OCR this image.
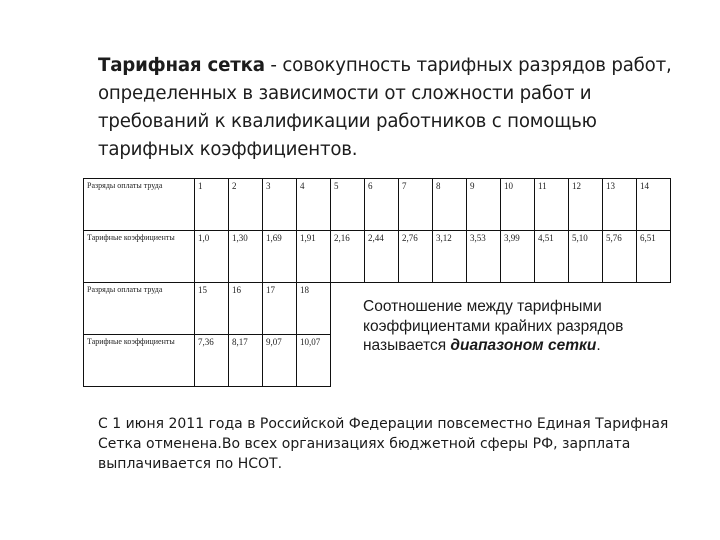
Тарифная сетка - совокупность тарифных разрядов работ, определенных в зависимости от сложности работ и требований к квалификации работников с помощью тарифных коэффициентов.
Разряды оплаты труда	1	2	3	4	5	6	7	8	9	10	11	12	13	14
Тарифные коэффициенты	1,0	1,30	1,69	1,91	2,16	2,44	2,76	3,12	3,53	3,99	4,51	5,10	5,76	6,51
Разряды оплаты труда	15	16	17	18										
Тарифные коэффициенты	7,36	8,17	9,07	10,07										
Соотношение между тарифными коэффициентами крайних разрядов называется диапазоном сетки.
С 1 июня 2011 года в Российской Федерации повсеместно Единая Тарифная Сетка отменена.Во всех организациях бюджетной сферы РФ, зарплата выплачивается по НСОТ.
